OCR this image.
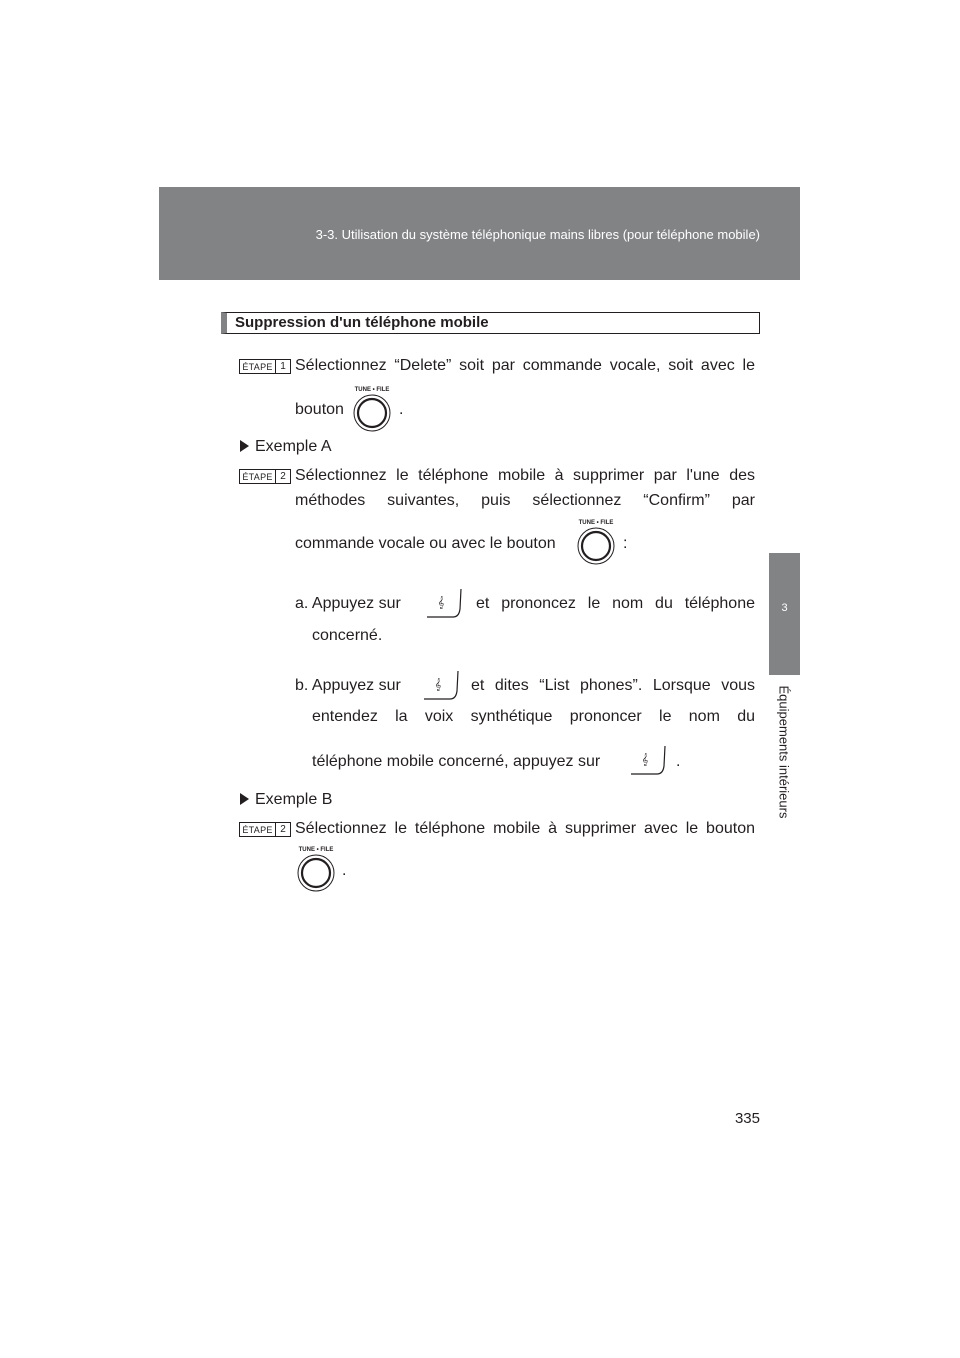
3-3. Utilisation du système téléphonique mains libres (pour téléphone mobile)
3
Équipements intérieurs
Suppression d'un téléphone mobile
ÉTAPE 1 Sélectionnez “Delete” soit par commande vocale, soit avec le
bouton
TUNE • FILE
.
Exemple A
ÉTAPE 2 Sélectionnez le téléphone mobile à supprimer par l'une des
méthodes suivantes, puis sélectionnez “Confirm” par
commande vocale ou avec le bouton
TUNE • FILE
:
a. Appuyez sur	𝄞 et prononcez le nom du téléphone
concerné.
b. Appuyez sur	𝄞 et dites “List phones”. Lorsque vous
entendez la voix synthétique prononcer le nom du
téléphone mobile concerné, appuyez sur	𝄞 .
Exemple B
ÉTAPE 2 Sélectionnez le téléphone mobile à supprimer avec le bouton
TUNE • FILE
.
335
